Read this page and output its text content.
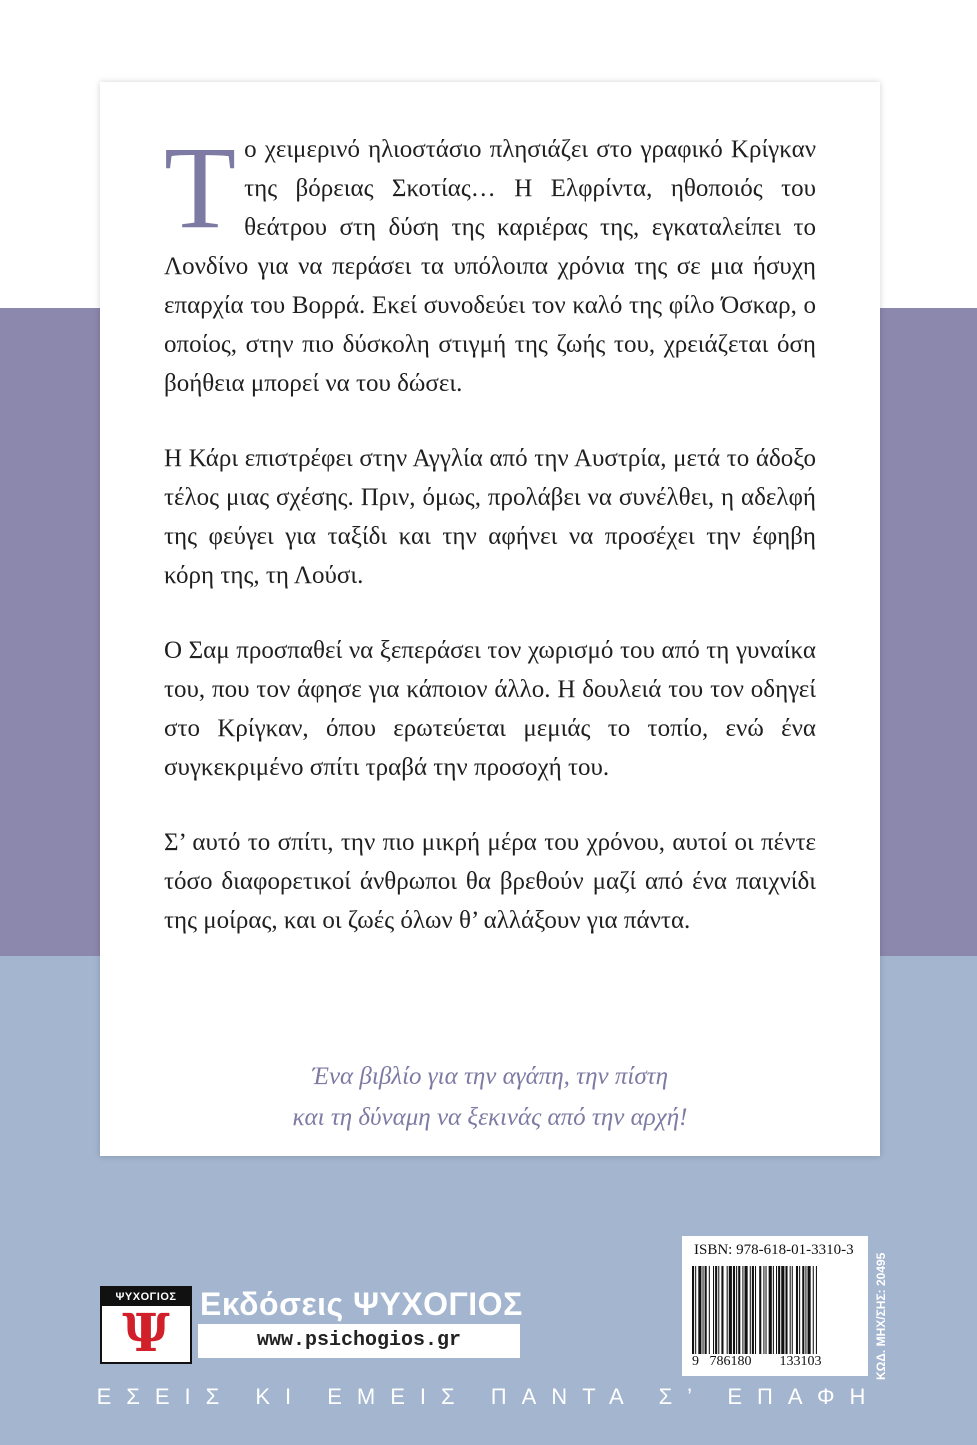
Το χειμερινό ηλιοστάσιο πλησιάζει στο γραφικό Κρίγκαν της βόρειας Σκοτίας… Η Ελφρίντα, ηθοποιός του θεάτρου στη δύση της καριέρας της, εγκαταλείπει το Λονδίνο για να περάσει τα υπόλοιπα χρόνια της σε μια ήσυχη επαρχία του Βορρά. Εκεί συνοδεύει τον καλό της φίλο Όσκαρ, ο οποίος, στην πιο δύσκολη στιγμή της ζωής του, χρειάζεται όση βοήθεια μπορεί να του δώσει.

Η Κάρι επιστρέφει στην Αγγλία από την Αυστρία, μετά το άδοξο τέλος μιας σχέσης. Πριν, όμως, προλάβει να συνέλθει, η αδελφή της φεύγει για ταξίδι και την αφήνει να προσέχει την έφηβη κόρη της, τη Λούσι.

Ο Σαμ προσπαθεί να ξεπεράσει τον χωρισμό του από τη γυναίκα του, που τον άφησε για κάποιον άλλο. Η δουλειά του τον οδηγεί στο Κρίγκαν, όπου ερωτεύεται μεμιάς το τοπίο, ενώ ένα συγκεκριμένο σπίτι τραβά την προσοχή του.

Σ’ αυτό το σπίτι, την πιο μικρή μέρα του χρόνου, αυτοί οι πέντε τόσο διαφορετικοί άνθρωποι θα βρεθούν μαζί από ένα παιχνίδι της μοίρας, και οι ζωές όλων θ’ αλλάξουν για πάντα.

Ένα βιβλίο για την αγάπη, την πίστη
και τη δύναμη να ξεκινάς από την αρχή!
ISBN: 978-618-01-3310-3
9 786180 133103	ΚΩΔ. ΜΗΧ/ΣΗΣ: 20495
ΨΥΧΟΓΙΟΣ
Ψ Εκδόσεις ΨΥΧΟΓΙΟΣ
www.psichogios.gr
ΕΣΕΙΣ ΚΙ ΕΜΕΙΣ ΠΑΝΤΑ Σ’ ΕΠΑΦΗ
